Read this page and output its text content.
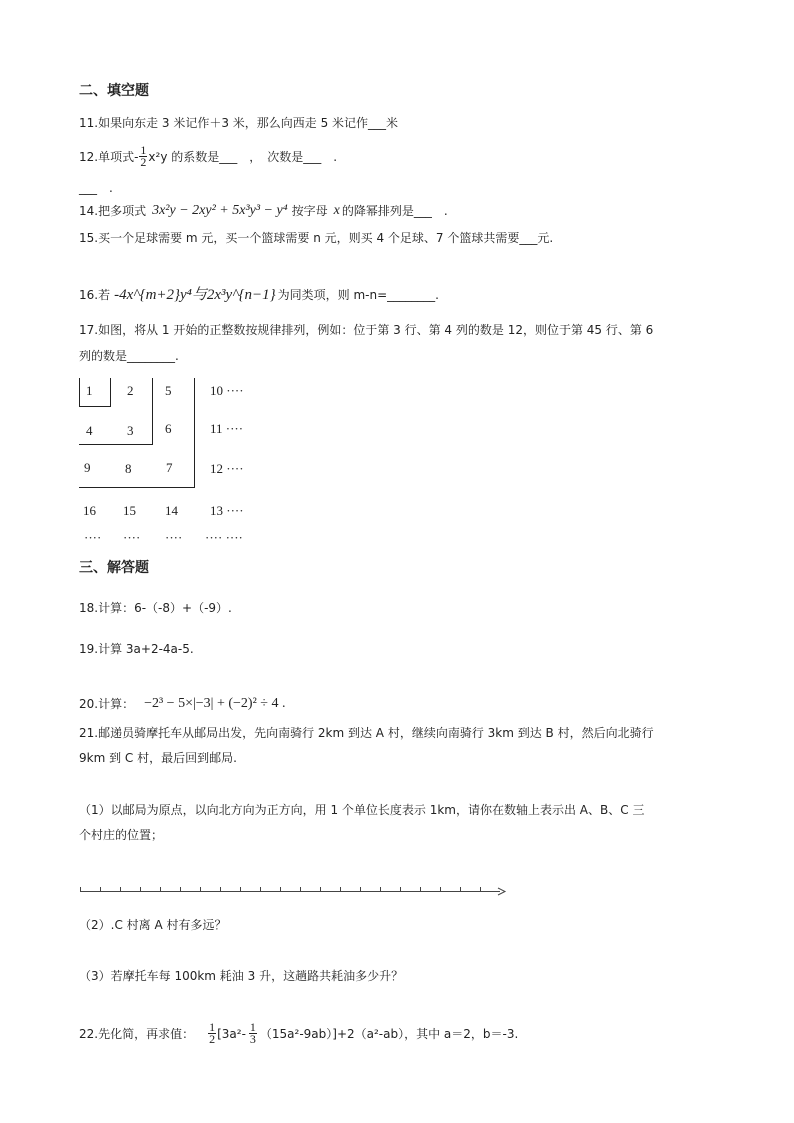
二、填空题
11.如果向东走 3 米记作＋3 米，那么向西走 5 米记作___米
12.单项式- $\frac{1}{2} x^2y$ 的系数是___　，　次数是___　.
___　.
14.把多项式 3x²y − 2xy² + 5x³y³ − y⁴ 按字母 x 的降幂排列是___　.
15.买一个足球需要 m 元，买一个篮球需要 n 元，则买 4 个足球、7 个篮球共需要___元.
16.若 -4x^{m+2}y⁴与2x³y^{n−1} 为同类项，则 m-n=________.
17.如图，将从 1 开始的正整数按规律排列，例如：位于第 3 行、第 4 列的数是 12，则位于第 45 行、第 6
列的数是________.
1	2 5	10 ····
4	3 6	11 ····
9	8	7	12 ····
16 15 14 13 ····
···· ···· ···· ···· ····
三、解答题
18.计算：6-（-8）+（-9）.
19.计算 3a+2-4a-5.
20.计算： −2³ − 5×|−3| + (−2)² ÷ 4 .
21.邮递员骑摩托车从邮局出发，先向南骑行 2km 到达 A 村，继续向南骑行 3km 到达 B 村，然后向北骑行
9km 到 C 村，最后回到邮局.
（1）以邮局为原点，以向北方向为正方向，用 1 个单位长度表示 1km，请你在数轴上表示出 A、B、C 三
个村庄的位置；
（2）.C 村离 A 村有多远？
（3）若摩托车每 100km 耗油 3 升，这趟路共耗油多少升？
22.先化简，再求值： $\frac{1}{2} [3a^2- \frac{1}{3} (15a^2-9ab)]+2(a^2-ab)$，其中 a＝2，b＝-3.
